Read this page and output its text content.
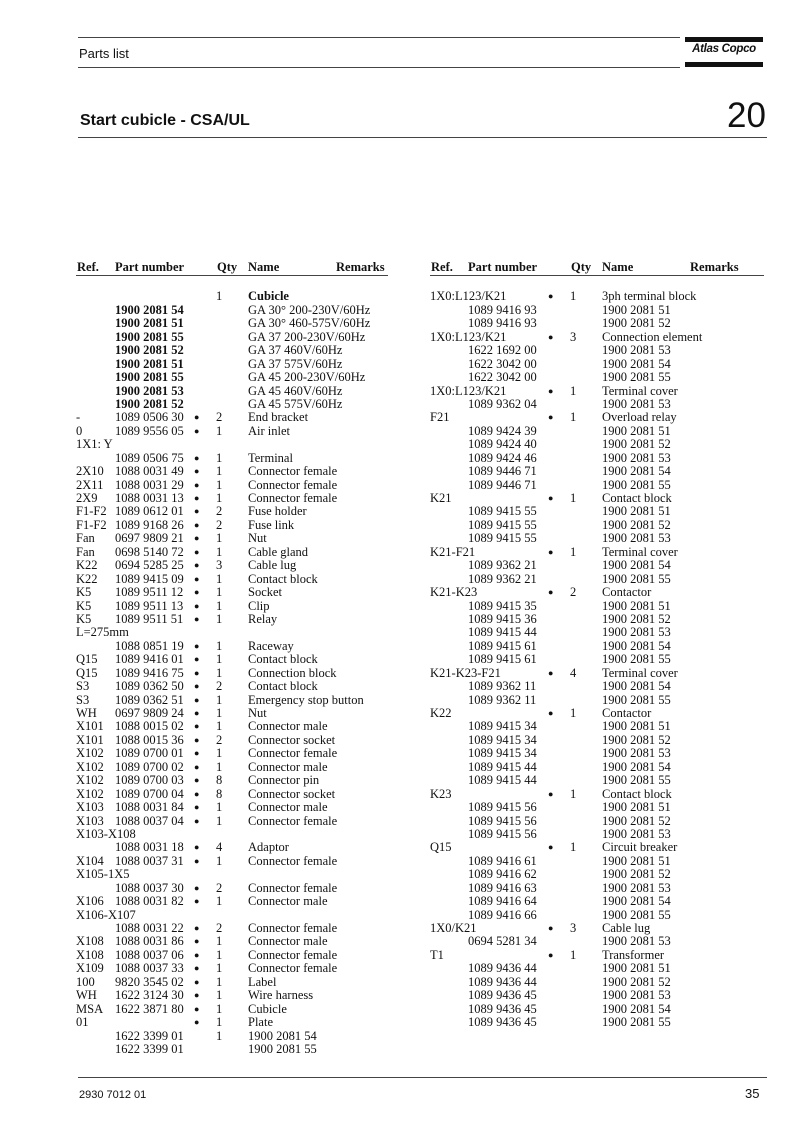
Parts list	Atlas Copco
Start cubicle - CSA/UL	20
Ref. Part number	Qty Name	Remarks
1 Cubicle
1900 2081 54	GA 30° 200-230V/60Hz
1900 2081 51	GA 30° 460-575V/60Hz
1900 2081 55	GA 37 200-230V/60Hz
1900 2081 52	GA 37 460V/60Hz
1900 2081 51	GA 37 575V/60Hz
1900 2081 55	GA 45 200-230V/60Hz
1900 2081 53	GA 45 460V/60Hz
1900 2081 52	GA 45 575V/60Hz
-	1089 0506 30 ● 2 End bracket
0	1089 9556 05 ● 1 Air inlet
1X1: Y
1089 0506 75 ● 1 Terminal
2X10 1088 0031 49 ● 1 Connector female
2X11 1088 0031 29 ● 1 Connector female
2X9 1088 0031 13 ● 1 Connector female
F1-F2 1089 0612 01 ● 2 Fuse holder
F1-F2 1089 9168 26 ● 2 Fuse link
Fan 0697 9809 21 ● 1 Nut
Fan 0698 5140 72 ● 1 Cable gland
K22 0694 5285 25 ● 3 Cable lug
K22 1089 9415 09 ● 1 Contact block
K5 1089 9511 12 ● 1 Socket
K5 1089 9511 13 ● 1 Clip
K5 1089 9511 51 ● 1 Relay
L=275mm
1088 0851 19 ● 1 Raceway
Q15 1089 9416 01 ● 1 Contact block
Q15 1089 9416 75 ● 1 Connection block
S3 1089 0362 50 ● 2 Contact block
S3 1089 0362 51 ● 1 Emergency stop button
WH 0697 9809 24 ● 1 Nut
X101 1088 0015 02 ● 1 Connector male
X101 1088 0015 36 ● 2 Connector socket
X102 1089 0700 01 ● 1 Connector female
X102 1089 0700 02 ● 1 Connector male
X102 1089 0700 03 ● 8 Connector pin
X102 1089 0700 04 ● 8 Connector socket
X103 1088 0031 84 ● 1 Connector male
X103 1088 0037 04 ● 1 Connector female
X103-X108
1088 0031 18 ● 4 Adaptor
X104 1088 0037 31 ● 1 Connector female
X105-1X5
1088 0037 30 ● 2 Connector female
X106 1088 0031 82 ● 1 Connector male
X106-X107
1088 0031 22 ● 2 Connector female
X108 1088 0031 86 ● 1 Connector male
X108 1088 0037 06 ● 1 Connector female
X109 1088 0037 33 ● 1 Connector female
100 9820 3545 02 ● 1 Label
WH 1622 3124 30 ● 1 Wire harness
MSA 1622 3871 80 ● 1 Cubicle
01	● 1 Plate
1622 3399 01	1 1900 2081 54
1622 3399 01	1900 2081 55
Ref. Part number	Qty Name	Remarks
1X0:L123/K21	● 1 3ph terminal block
1089 9416 93	1900 2081 51
1089 9416 93	1900 2081 52
1X0:L123/K21	● 3 Connection element
1622 1692 00	1900 2081 53
1622 3042 00	1900 2081 54
1622 3042 00	1900 2081 55
1X0:L123/K21	● 1 Terminal cover
1089 9362 04	1900 2081 53
F21	● 1 Overload relay
1089 9424 39	1900 2081 51
1089 9424 40	1900 2081 52
1089 9424 46	1900 2081 53
1089 9446 71	1900 2081 54
1089 9446 71	1900 2081 55
K21	● 1 Contact block
1089 9415 55	1900 2081 51
1089 9415 55	1900 2081 52
1089 9415 55	1900 2081 53
K21-F21	● 1 Terminal cover
1089 9362 21	1900 2081 54
1089 9362 21	1900 2081 55
K21-K23	● 2 Contactor
1089 9415 35	1900 2081 51
1089 9415 36	1900 2081 52
1089 9415 44	1900 2081 53
1089 9415 61	1900 2081 54
1089 9415 61	1900 2081 55
K21-K23-F21	● 4 Terminal cover
1089 9362 11	1900 2081 54
1089 9362 11	1900 2081 55
K22	● 1 Contactor
1089 9415 34	1900 2081 51
1089 9415 34	1900 2081 52
1089 9415 34	1900 2081 53
1089 9415 44	1900 2081 54
1089 9415 44	1900 2081 55
K23	● 1 Contact block
1089 9415 56	1900 2081 51
1089 9415 56	1900 2081 52
1089 9415 56	1900 2081 53
Q15	● 1 Circuit breaker
1089 9416 61	1900 2081 51
1089 9416 62	1900 2081 52
1089 9416 63	1900 2081 53
1089 9416 64	1900 2081 54
1089 9416 66	1900 2081 55
1X0/K21	● 3 Cable lug
0694 5281 34	1900 2081 53
T1	● 1 Transformer
1089 9436 44	1900 2081 51
1089 9436 44	1900 2081 52
1089 9436 45	1900 2081 53
1089 9436 45	1900 2081 54
1089 9436 45	1900 2081 55
2930 7012 01	35
